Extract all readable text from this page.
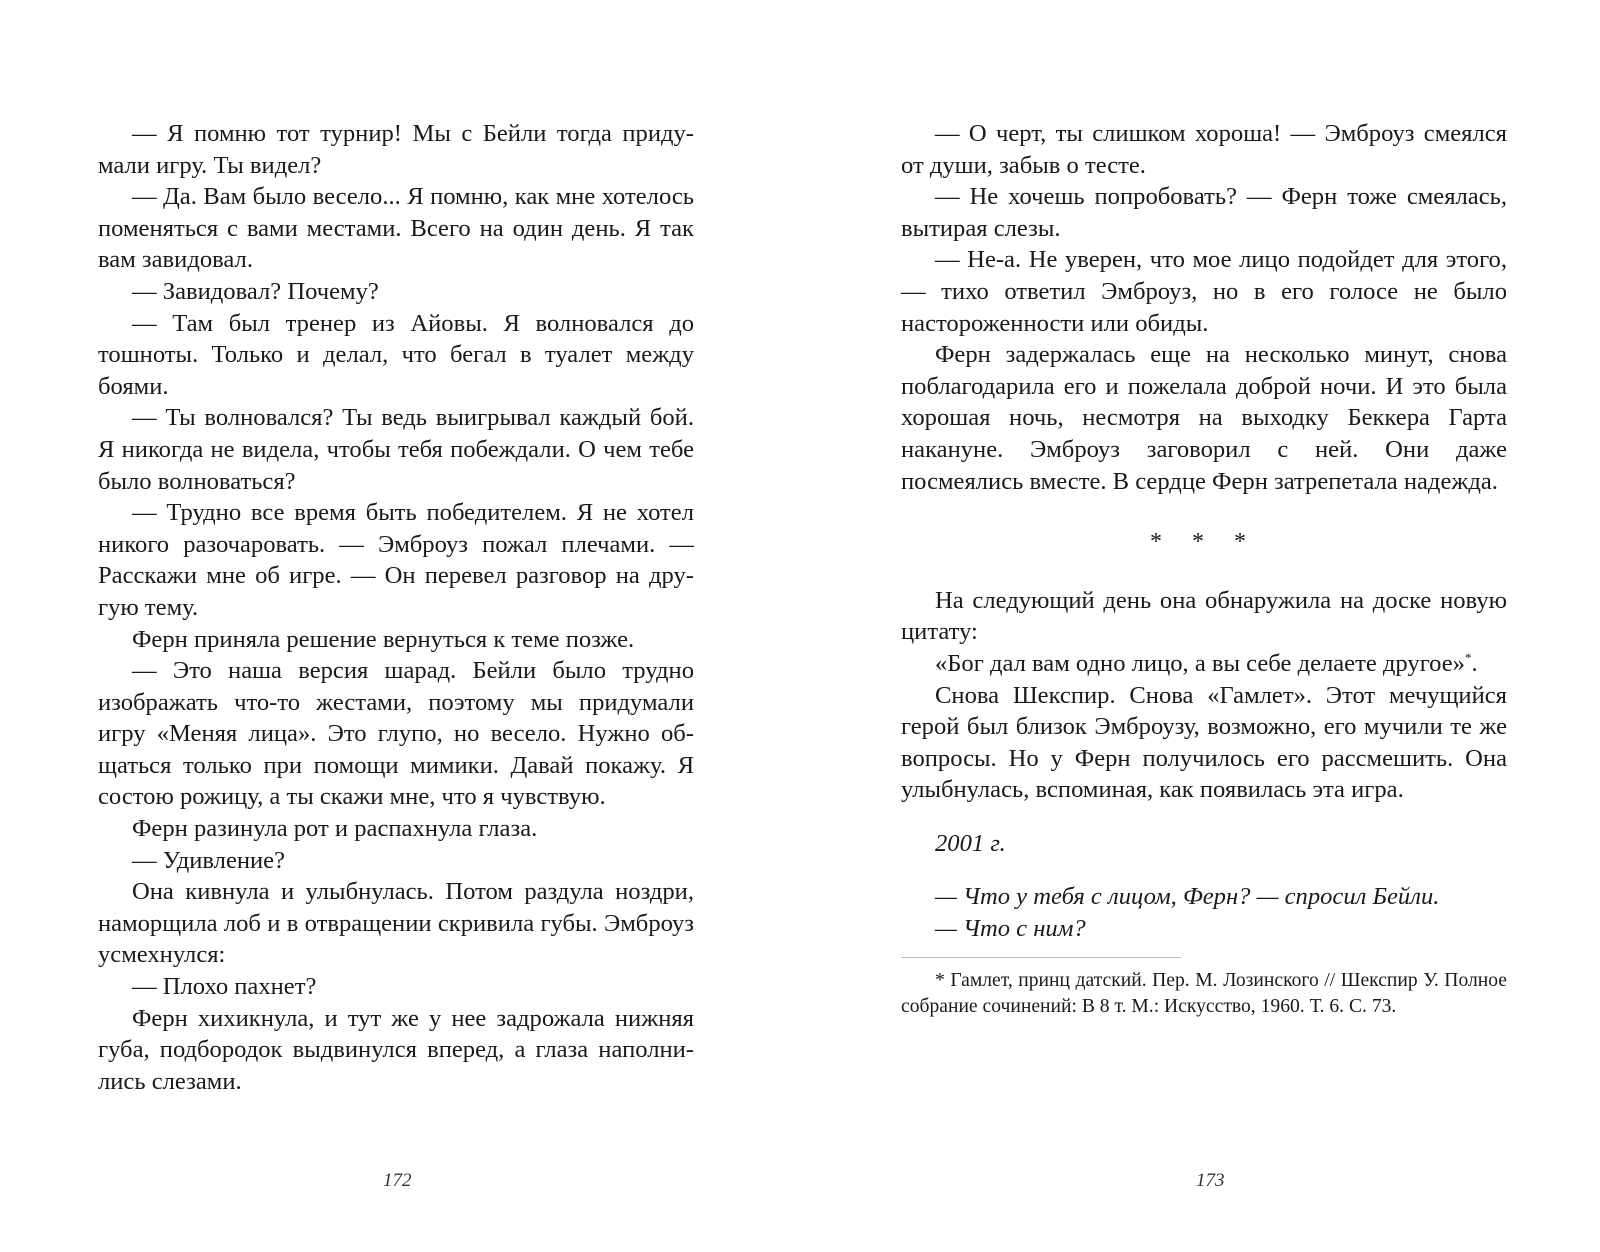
— Я помню тот турнир! Мы с Бейли тогда придумали игру. Ты видел?

— Да. Вам было весело... Я помню, как мне хотелось поменяться с вами местами. Всего на один день. Я так вам завидовал.

— Завидовал? Почему?

— Там был тренер из Айовы. Я волновался до тошноты. Только и делал, что бегал в туалет между боями.

— Ты волновался? Ты ведь выигрывал каждый бой. Я никогда не видела, чтобы тебя побеждали. О чем тебе было волноваться?

— Трудно все время быть победителем. Я не хотел никого разочаровать. — Эмброуз пожал плечами. — Расскажи мне об игре. — Он перевел разговор на другую тему.

Ферн приняла решение вернуться к теме позже.

— Это наша версия шарад. Бейли было трудно изображать что-то жестами, поэтому мы придумали игру «Меняя лица». Это глупо, но весело. Нужно общаться только при помощи мимики. Давай покажу. Я состою рожицу, а ты скажи мне, что я чувствую.

Ферн разинула рот и распахнула глаза.

— Удивление?

Она кивнула и улыбнулась. Потом раздула ноздри, наморщила лоб и в отвращении скривила губы. Эмброуз усмехнулся:

— Плохо пахнет?

Ферн хихикнула, и тут же у нее задрожала нижняя губа, подбородок выдвинулся вперед, а глаза наполнились слезами.

172

— О черт, ты слишком хороша! — Эмброуз смеялся от души, забыв о тесте.

— Не хочешь попробовать? — Ферн тоже смеялась, вытирая слезы.

— Не-а. Не уверен, что мое лицо подойдет для этого, — тихо ответил Эмброуз, но в его голосе не было настороженности или обиды.

Ферн задержалась еще на несколько минут, снова поблагодарила его и пожелала доброй ночи. И это была хорошая ночь, несмотря на выходку Беккера Гарта накануне. Эмброуз заговорил с ней. Они даже посмеялись вместе. В сердце Ферн затрепетала надежда.

* * *

На следующий день она обнаружила на доске новую цитату:

«Бог дал вам одно лицо, а вы себе делаете другое»*.

Снова Шекспир. Снова «Гамлет». Этот мечущийся герой был близок Эмброузу, возможно, его мучили те же вопросы. Но у Ферн получилось его рассмешить. Она улыбнулась, вспоминая, как появилась эта игра.

2001 г.

— Что у тебя с лицом, Ферн? — спросил Бейли.

— Что с ним?

* Гамлет, принц датский. Пер. М. Лозинского // Шекспир У. Полное собрание сочинений: В 8 т. М.: Искусство, 1960. Т. 6. С. 73.

173
